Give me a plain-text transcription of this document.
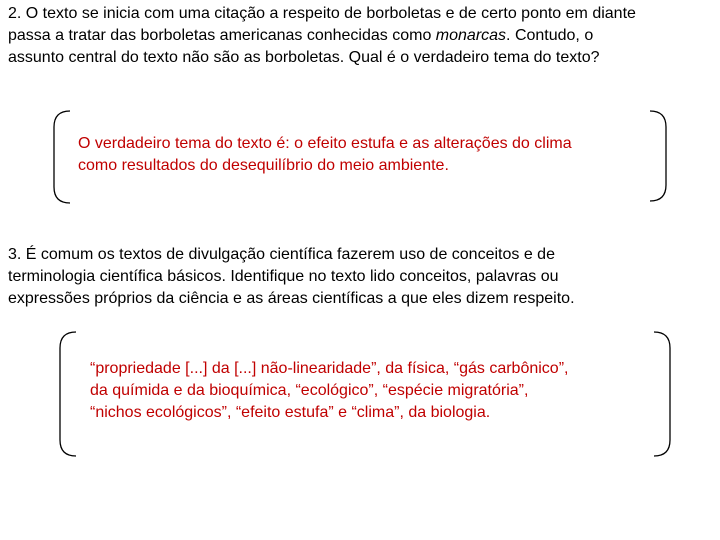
2. O texto se inicia com uma citação a respeito de borboletas e de certo ponto em diante
passa a tratar das borboletas americanas conhecidas como monarcas. Contudo, o
assunto central do texto não são as borboletas. Qual é o verdadeiro tema do texto?

O verdadeiro tema do texto é: o efeito estufa e as alterações do clima
como resultados do desequilíbrio do meio ambiente.

3. É comum os textos de divulgação científica fazerem uso de conceitos e de
terminologia científica básicos. Identifique no texto lido conceitos, palavras ou
expressões próprios da ciência e as áreas científicas a que eles dizem respeito.

“propriedade [...] da [...] não-linearidade”, da física, “gás carbônico”,
da químida e da bioquímica, “ecológico”, “espécie migratória”,
“nichos ecológicos”, “efeito estufa” e “clima”, da biologia.
